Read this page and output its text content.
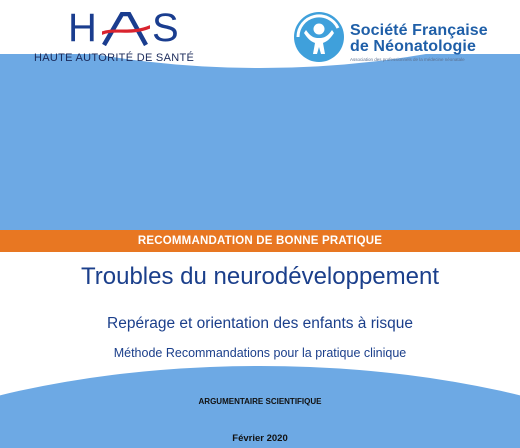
H S
HAUTE AUTORITÉ DE SANTÉ
Société Française
de Néonatologie
Association des professionnels de la médecine néonatale
RECOMMANDATION DE BONNE PRATIQUE
Troubles du neurodéveloppement
Repérage et orientation des enfants à risque
Méthode Recommandations pour la pratique clinique
ARGUMENTAIRE SCIENTIFIQUE
Février 2020
